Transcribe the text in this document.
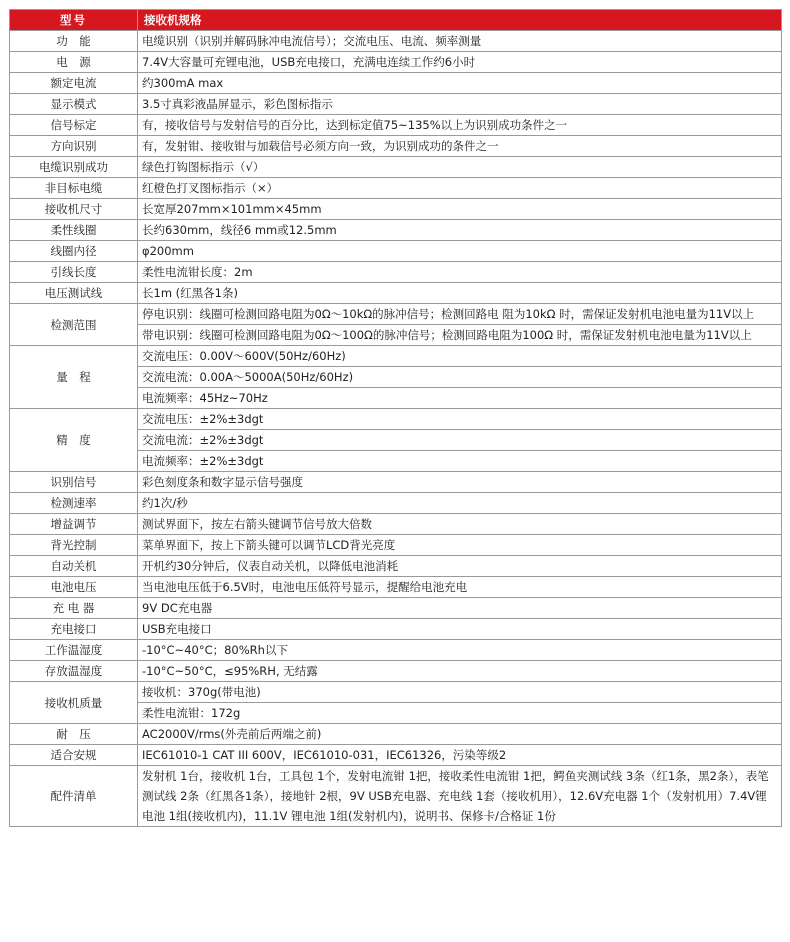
型号	接收机规格
功　能	电缆识别（识别并解码脉冲电流信号）；交流电压、电流、频率测量
电　源	7.4V大容量可充锂电池，USB充电接口，充满电连续工作约6小时
额定电流	约300mA max
显示模式	3.5寸真彩液晶屏显示，彩色图标指示
信号标定	有，接收信号与发射信号的百分比，达到标定值75~135%以上为识别成功条件之一
方向识别	有，发射钳、接收钳与加载信号必须方向一致，为识别成功的条件之一
电缆识别成功	绿色打钩图标指示（√）
非目标电缆	红橙色打叉图标指示（×）
接收机尺寸	长宽厚207mm×101mm×45mm
柔性线圈	长约630mm，线径6 mm或12.5mm
线圈内径	φ200mm
引线长度	柔性电流钳长度：2m
电压测试线	长1m (红黑各1条)
检测范围	停电识别：线圈可检测回路电阻为0Ω～10kΩ的脉冲信号；检测回路电 阻为10kΩ 时，需保证发射机电池电量为11V以上
	带电识别：线圈可检测回路电阻为0Ω～100Ω的脉冲信号；检测回路电阻为100Ω 时，需保证发射机电池电量为11V以上
量　程	交流电压：0.00V～600V(50Hz/60Hz)
	交流电流：0.00A～5000A(50Hz/60Hz)
	电流频率：45Hz~70Hz
精　度	交流电压：±2%±3dgt
	交流电流：±2%±3dgt
	电流频率：±2%±3dgt
识别信号	彩色刻度条和数字显示信号强度
检测速率	约1次/秒
增益调节	测试界面下，按左右箭头键调节信号放大倍数
背光控制	菜单界面下，按上下箭头键可以调节LCD背光亮度
自动关机	开机约30分钟后，仪表自动关机，以降低电池消耗
电池电压	当电池电压低于6.5V时，电池电压低符号显示，提醒给电池充电
充 电 器	9V DC充电器
充电接口	USB充电接口
工作温湿度	-10°C~40°C；80%Rh以下
存放温湿度	-10°C~50°C，≤95%RH, 无结露
接收机质量	接收机：370g(带电池)
	柔性电流钳：172g
耐　压	AC2000V/rms(外壳前后两端之前)
适合安规	IEC61010-1 CAT III 600V，IEC61010-031，IEC61326，污染等级2
配件清单	发射机 1台，接收机 1台，工具包 1个，发射电流钳 1把，接收柔性电流钳 1把，鳄鱼夹测试线 3条（红1条，黑2条），表笔测试线 2条（红黑各1条），接地针 2根，9V USB充电器、充电线 1套（接收机用），12.6V充电器 1个（发射机用）7.4V锂电池 1组(接收机内)，11.1V 锂电池 1组(发射机内)，说明书、保修卡/合格证 1份
